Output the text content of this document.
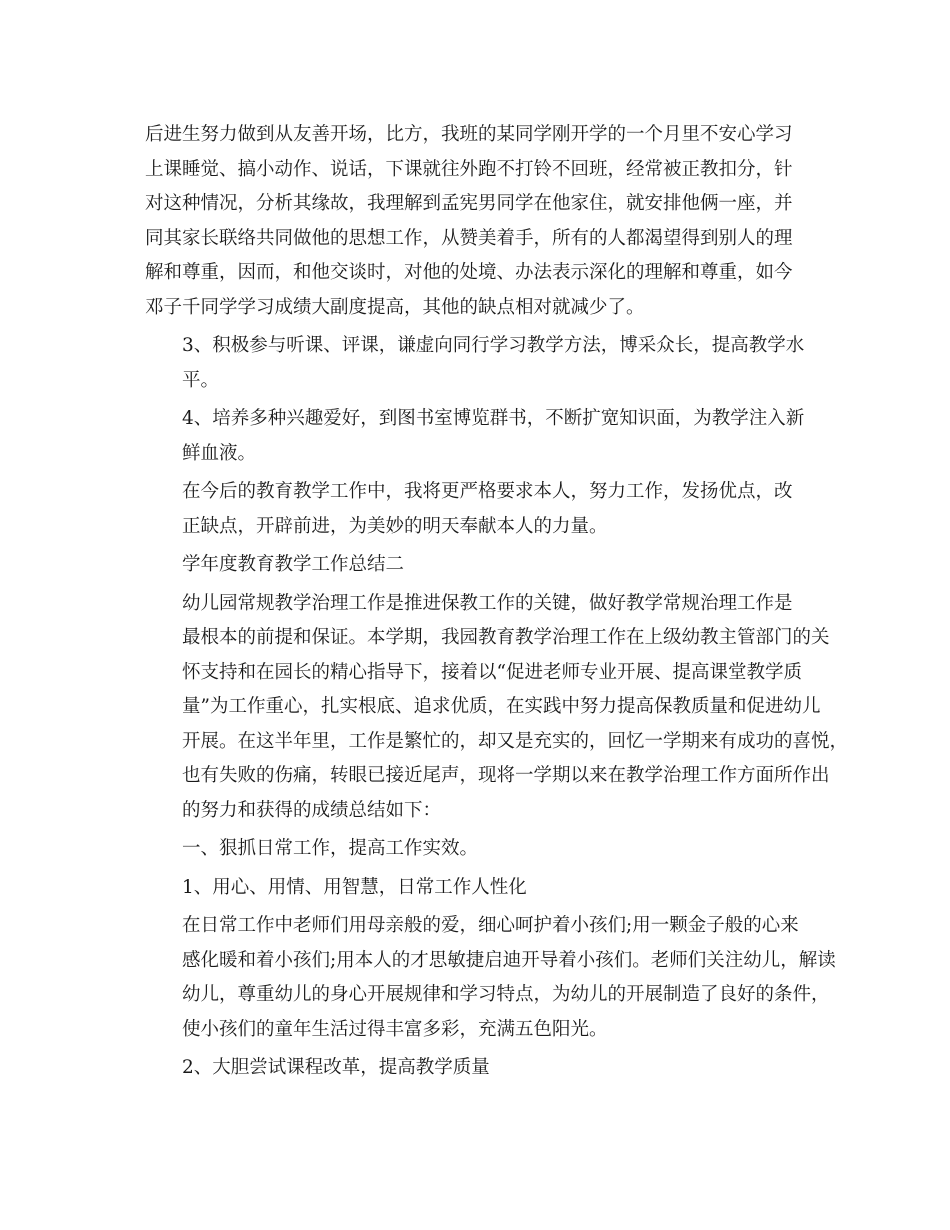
后进生努力做到从友善开场，比方，我班的某同学刚开学的一个月里不安心学习
上课睡觉、搞小动作、说话，下课就往外跑不打铃不回班，经常被正教扣分，针
对这种情况，分析其缘故，我理解到孟宪男同学在他家住，就安排他俩一座，并
同其家长联络共同做他的思想工作，从赞美着手，所有的人都渴望得到别人的理
解和尊重，因而，和他交谈时，对他的处境、办法表示深化的理解和尊重，如今
邓子千同学学习成绩大副度提高，其他的缺点相对就减少了。

3、积极参与听课、评课，谦虚向同行学习教学方法，博采众长，提高教学水
平。

4、培养多种兴趣爱好，到图书室博览群书，不断扩宽知识面，为教学注入新
鲜血液。

在今后的教育教学工作中，我将更严格要求本人，努力工作，发扬优点，改
正缺点，开辟前进，为美妙的明天奉献本人的力量。

学年度教育教学工作总结二

幼儿园常规教学治理工作是推进保教工作的关键，做好教学常规治理工作是
最根本的前提和保证。本学期，我园教育教学治理工作在上级幼教主管部门的关
怀支持和在园长的精心指导下，接着以“促进老师专业开展、提高课堂教学质
量”为工作重心，扎实根底、追求优质，在实践中努力提高保教质量和促进幼儿
开展。在这半年里，工作是繁忙的，却又是充实的，回忆一学期来有成功的喜悦，
也有失败的伤痛，转眼已接近尾声，现将一学期以来在教学治理工作方面所作出
的努力和获得的成绩总结如下：

一、狠抓日常工作，提高工作实效。

1、用心、用情、用智慧，日常工作人性化

在日常工作中老师们用母亲般的爱，细心呵护着小孩们;用一颗金子般的心来
感化暖和着小孩们;用本人的才思敏捷启迪开导着小孩们。老师们关注幼儿，解读
幼儿，尊重幼儿的身心开展规律和学习特点，为幼儿的开展制造了良好的条件，
使小孩们的童年生活过得丰富多彩，充满五色阳光。

2、大胆尝试课程改革，提高教学质量
